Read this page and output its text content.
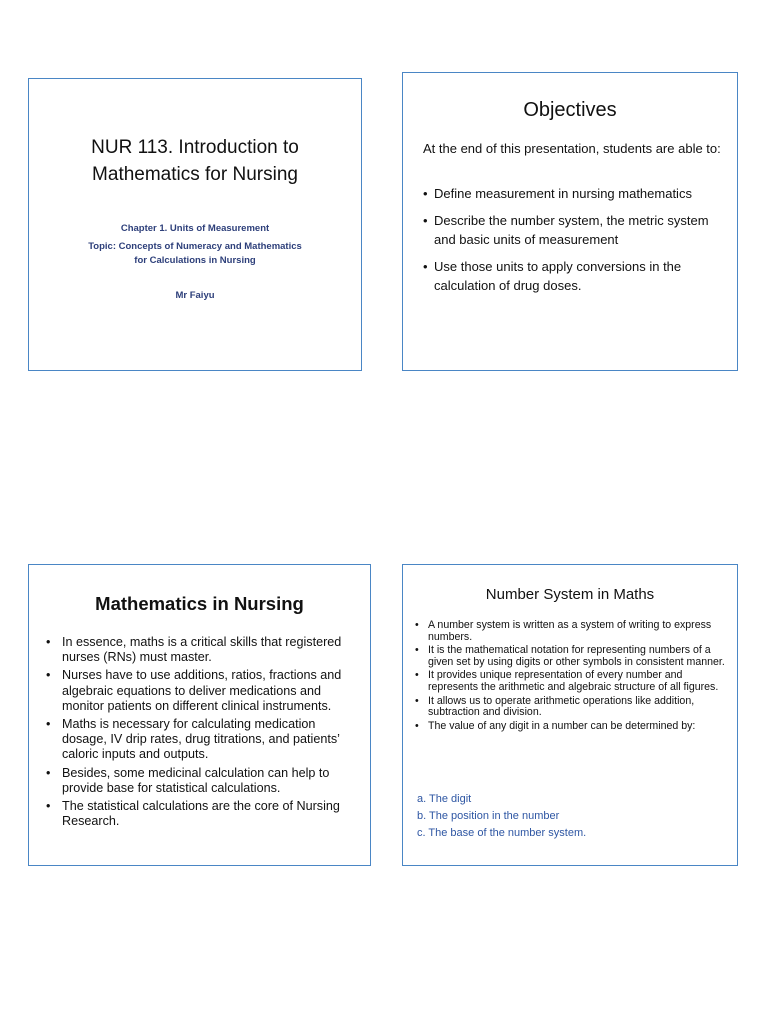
NUR 113. Introduction to
Mathematics for Nursing
Chapter 1. Units of Measurement
Topic: Concepts of Numeracy and Mathematics
for Calculations in Nursing
Mr Faiyu
Objectives
At the end of this presentation, students are able to:
• Define measurement in nursing mathematics
• Describe the number system, the metric system and basic units of measurement
• Use those units to apply conversions in the calculation of drug doses.
Mathematics in Nursing
• In essence, maths is a critical skills that registered nurses (RNs) must master.
• Nurses have to use additions, ratios, fractions and algebraic equations to deliver medications and monitor patients on different clinical instruments.
• Maths is necessary for calculating medication dosage, IV drip rates, drug titrations, and patients’ caloric inputs and outputs.
• Besides, some medicinal calculation can help to provide base for statistical calculations.
• The statistical calculations are the core of Nursing Research.
Number System in Maths
• A number system is written as a system of writing to express numbers.
• It is the mathematical notation for representing numbers of a given set by using digits or other symbols in consistent manner.
• It provides unique representation of every number and represents the arithmetic and algebraic structure of all figures.
• It allows us to operate arithmetic operations like addition, subtraction and division.
• The value of any digit in a number can be determined by:
a. The digit
b. The position in the number
c. The base of the number system.
